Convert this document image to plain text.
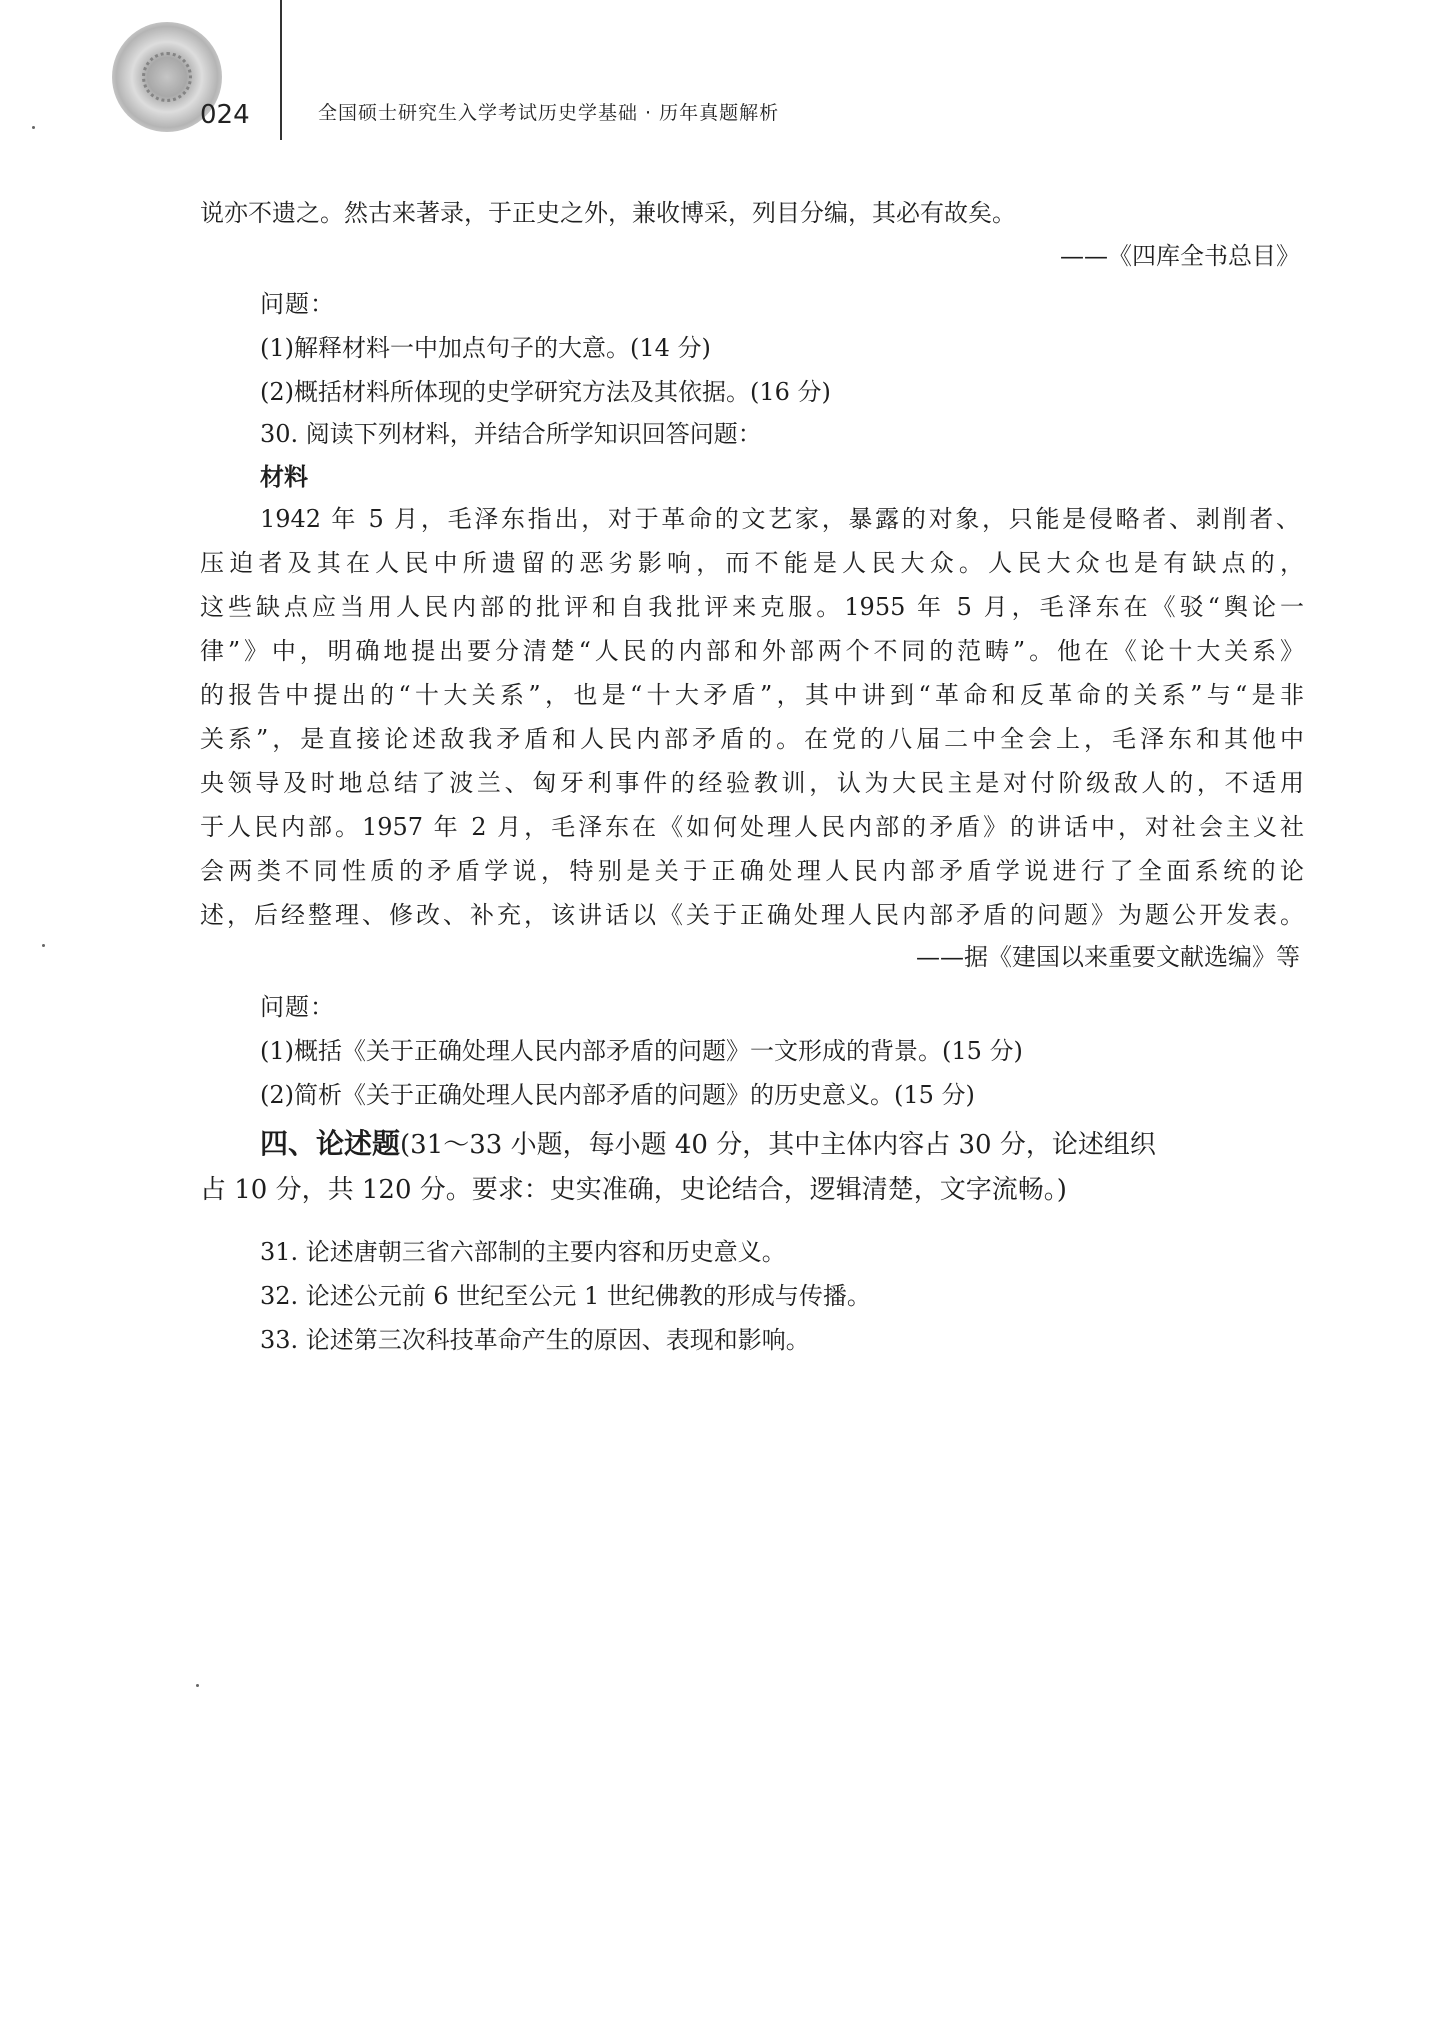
024	全国硕士研究生入学考试历史学基础 · 历年真题解析
说亦不遗之。然古来著录，于正史之外，兼收博采，列目分编，其必有故矣。
——《四库全书总目》
问题：
(1)解释材料一中加点句子的大意。(14 分)
(2)概括材料所体现的史学研究方法及其依据。(16 分)
30. 阅读下列材料，并结合所学知识回答问题：
材料
1942 年 5 月，毛泽东指出，对于革命的文艺家，暴露的对象，只能是侵略者、剥削者、
压迫者及其在人民中所遗留的恶劣影响，而不能是人民大众。人民大众也是有缺点的，
这些缺点应当用人民内部的批评和自我批评来克服。1955 年 5 月，毛泽东在《驳“舆论一
律”》中，明确地提出要分清楚“人民的内部和外部两个不同的范畴”。他在《论十大关系》
的报告中提出的“十大关系”，也是“十大矛盾”，其中讲到“革命和反革命的关系”与“是非
关系”，是直接论述敌我矛盾和人民内部矛盾的。在党的八届二中全会上，毛泽东和其他中
央领导及时地总结了波兰、匈牙利事件的经验教训，认为大民主是对付阶级敌人的，不适用
于人民内部。1957 年 2 月，毛泽东在《如何处理人民内部的矛盾》的讲话中，对社会主义社
会两类不同性质的矛盾学说，特别是关于正确处理人民内部矛盾学说进行了全面系统的论
述，后经整理、修改、补充，该讲话以《关于正确处理人民内部矛盾的问题》为题公开发表。
——据《建国以来重要文献选编》等
问题：
(1)概括《关于正确处理人民内部矛盾的问题》一文形成的背景。(15 分)
(2)简析《关于正确处理人民内部矛盾的问题》的历史意义。(15 分)
四、论述题(31～33 小题，每小题 40 分，其中主体内容占 30 分，论述组织
占 10 分，共 120 分。要求：史实准确，史论结合，逻辑清楚，文字流畅。)
31. 论述唐朝三省六部制的主要内容和历史意义。
32. 论述公元前 6 世纪至公元 1 世纪佛教的形成与传播。
33. 论述第三次科技革命产生的原因、表现和影响。
